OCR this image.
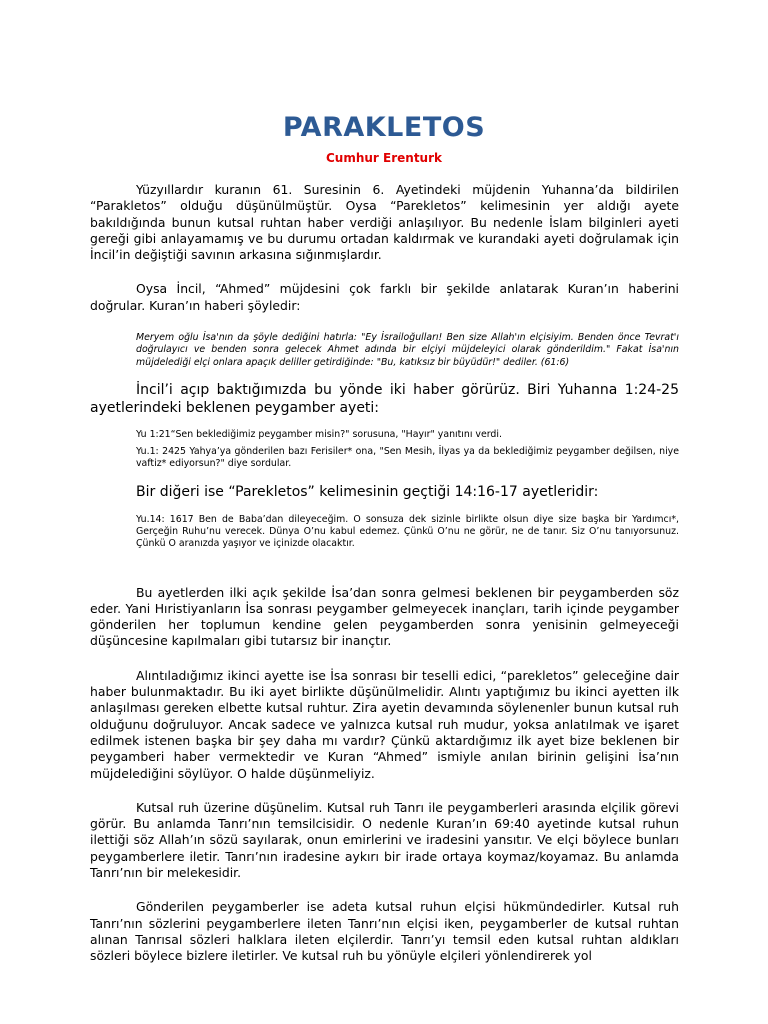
PARAKLETOS
Cumhur Erenturk

Yüzyıllardır kuranın 61. Suresinin 6. Ayetindeki müjdenin Yuhanna’da bildirilen “Parakletos” olduğu düşünülmüştür. Oysa “Parekletos” kelimesinin yer aldığı ayete bakıldığında bunun kutsal ruhtan haber verdiği anlaşılıyor. Bu nedenle İslam bilginleri ayeti gereği gibi anlayamamış ve bu durumu ortadan kaldırmak ve kurandaki ayeti doğrulamak için İncil’in değiştiği savının arkasına sığınmışlardır.

Oysa İncil, “Ahmed” müjdesini çok farklı bir şekilde anlatarak Kuran’ın haberini doğrular. Kuran’ın haberi şöyledir:

Meryem oğlu İsa'nın da şöyle dediğini hatırla: "Ey İsrailoğulları! Ben size Allah'ın elçisiyim. Benden önce Tevrat'ı doğrulayıcı ve benden sonra gelecek Ahmet adında bir elçiyi müjdeleyici olarak gönderildim." Fakat İsa'nın müjdelediği elçi onlara apaçık deliller getirdiğinde: "Bu, katıksız bir büyüdür!" dediler. (61:6)

İncil’i açıp baktığımızda bu yönde iki haber görürüz. Biri Yuhanna 1:24-25 ayetlerindeki beklenen peygamber ayeti:

Yu 1:21“Sen beklediğimiz peygamber misin?" sorusuna, "Hayır" yanıtını verdi.

Yu.1: 2425 Yahya’ya gönderilen bazı Ferisiler* ona, "Sen Mesih, İlyas ya da beklediğimiz peygamber değilsen, niye vaftiz* ediyorsun?" diye sordular.

Bir diğeri ise “Parekletos” kelimesinin geçtiği 14:16-17 ayetleridir:

Yu.14: 1617 Ben de Baba’dan dileyeceğim. O sonsuza dek sizinle birlikte olsun diye size başka bir Yardımcı*, Gerçeğin Ruhu’nu verecek. Dünya O’nu kabul edemez. Çünkü O’nu ne görür, ne de tanır. Siz O’nu tanıyorsunuz. Çünkü O aranızda yaşıyor ve içinizde olacaktır.

Bu ayetlerden ilki açık şekilde İsa’dan sonra gelmesi beklenen bir peygamberden söz eder. Yani Hıristiyanların İsa sonrası peygamber gelmeyecek inançları, tarih içinde peygamber gönderilen her toplumun kendine gelen peygamberden sonra yenisinin gelmeyeceği düşüncesine kapılmaları gibi tutarsız bir inançtır.

Alıntıladığımız ikinci ayette ise İsa sonrası bir teselli edici, “parekletos” geleceğine dair haber bulunmaktadır. Bu iki ayet birlikte düşünülmelidir. Alıntı yaptığımız bu ikinci ayetten ilk anlaşılması gereken elbette kutsal ruhtur. Zira ayetin devamında söylenenler bunun kutsal ruh olduğunu doğruluyor. Ancak sadece ve yalnızca kutsal ruh mudur, yoksa anlatılmak ve işaret edilmek istenen başka bir şey daha mı vardır? Çünkü aktardığımız ilk ayet bize beklenen bir peygamberi haber vermektedir ve Kuran “Ahmed” ismiyle anılan birinin gelişini İsa’nın müjdelediğini söylüyor. O halde düşünmeliyiz.

Kutsal ruh üzerine düşünelim. Kutsal ruh Tanrı ile peygamberleri arasında elçilik görevi görür. Bu anlamda Tanrı’nın temsilcisidir. O nedenle Kuran’ın 69:40 ayetinde kutsal ruhun ilettiği söz Allah’ın sözü sayılarak, onun emirlerini ve iradesini yansıtır. Ve elçi böylece bunları peygamberlere iletir. Tanrı’nın iradesine aykırı bir irade ortaya koymaz/koyamaz. Bu anlamda Tanrı’nın bir melekesidir.

Gönderilen peygamberler ise adeta kutsal ruhun elçisi hükmündedirler. Kutsal ruh Tanrı’nın sözlerini peygamberlere ileten Tanrı’nın elçisi iken, peygamberler de kutsal ruhtan alınan Tanrısal sözleri halklara ileten elçilerdir. Tanrı’yı temsil eden kutsal ruhtan aldıkları sözleri böylece bizlere iletirler. Ve kutsal ruh bu yönüyle elçileri yönlendirerek yol
